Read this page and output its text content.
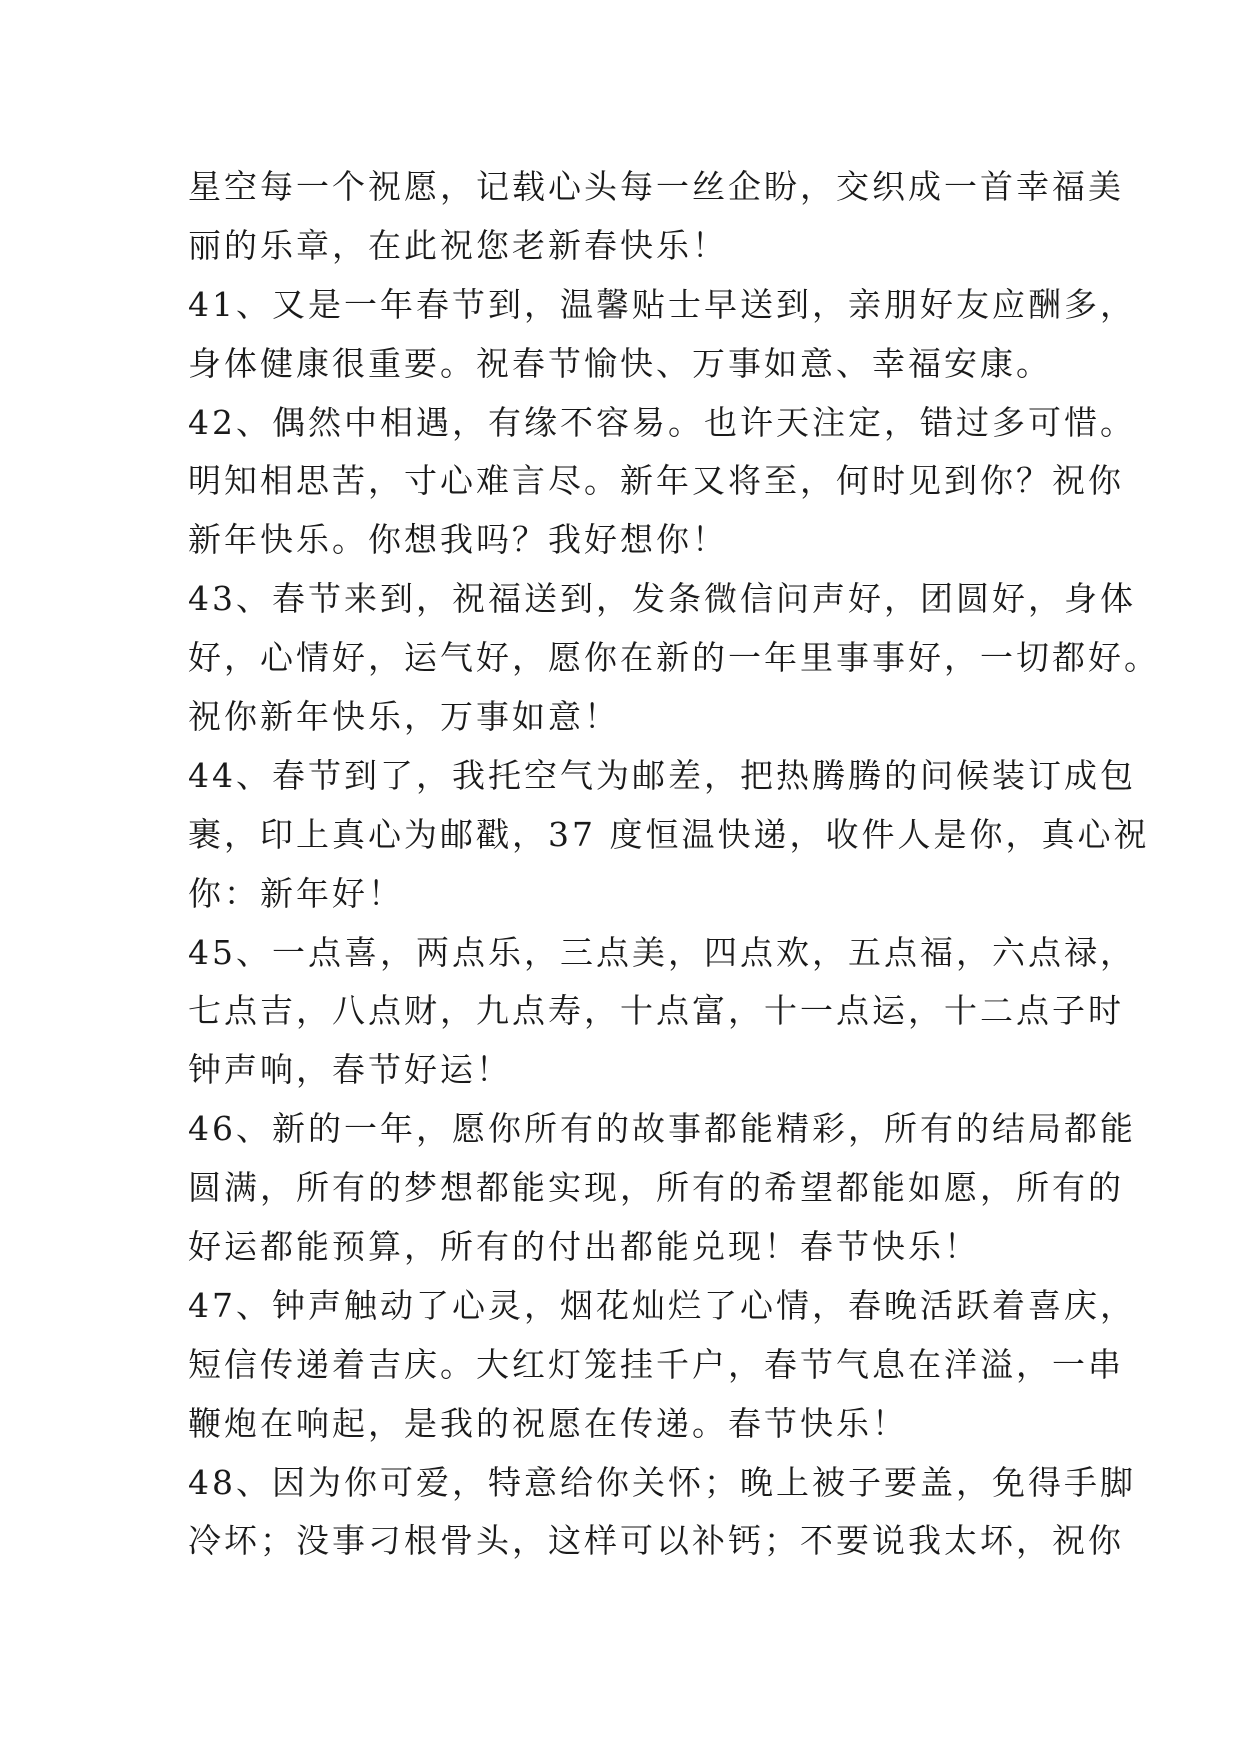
星空每一个祝愿，记载心头每一丝企盼，交织成一首幸福美
丽的乐章，在此祝您老新春快乐！
41、又是一年春节到，温馨贴士早送到，亲朋好友应酬多，
身体健康很重要。祝春节愉快、万事如意、幸福安康。
42、偶然中相遇，有缘不容易。也许天注定，错过多可惜。
明知相思苦，寸心难言尽。新年又将至，何时见到你？祝你
新年快乐。你想我吗？我好想你！
43、春节来到，祝福送到，发条微信问声好，团圆好，身体
好，心情好，运气好，愿你在新的一年里事事好，一切都好。
祝你新年快乐，万事如意！
44、春节到了，我托空气为邮差，把热腾腾的问候装订成包
裹，印上真心为邮戳，37 度恒温快递，收件人是你，真心祝
你：新年好！
45、一点喜，两点乐，三点美，四点欢，五点福，六点禄，
七点吉，八点财，九点寿，十点富，十一点运，十二点子时
钟声响，春节好运！
46、新的一年，愿你所有的故事都能精彩，所有的结局都能
圆满，所有的梦想都能实现，所有的希望都能如愿，所有的
好运都能预算，所有的付出都能兑现！春节快乐！
47、钟声触动了心灵，烟花灿烂了心情，春晚活跃着喜庆，
短信传递着吉庆。大红灯笼挂千户，春节气息在洋溢，一串
鞭炮在响起，是我的祝愿在传递。春节快乐！
48、因为你可爱，特意给你关怀；晚上被子要盖，免得手脚
冷坏；没事刁根骨头，这样可以补钙；不要说我太坏，祝你
